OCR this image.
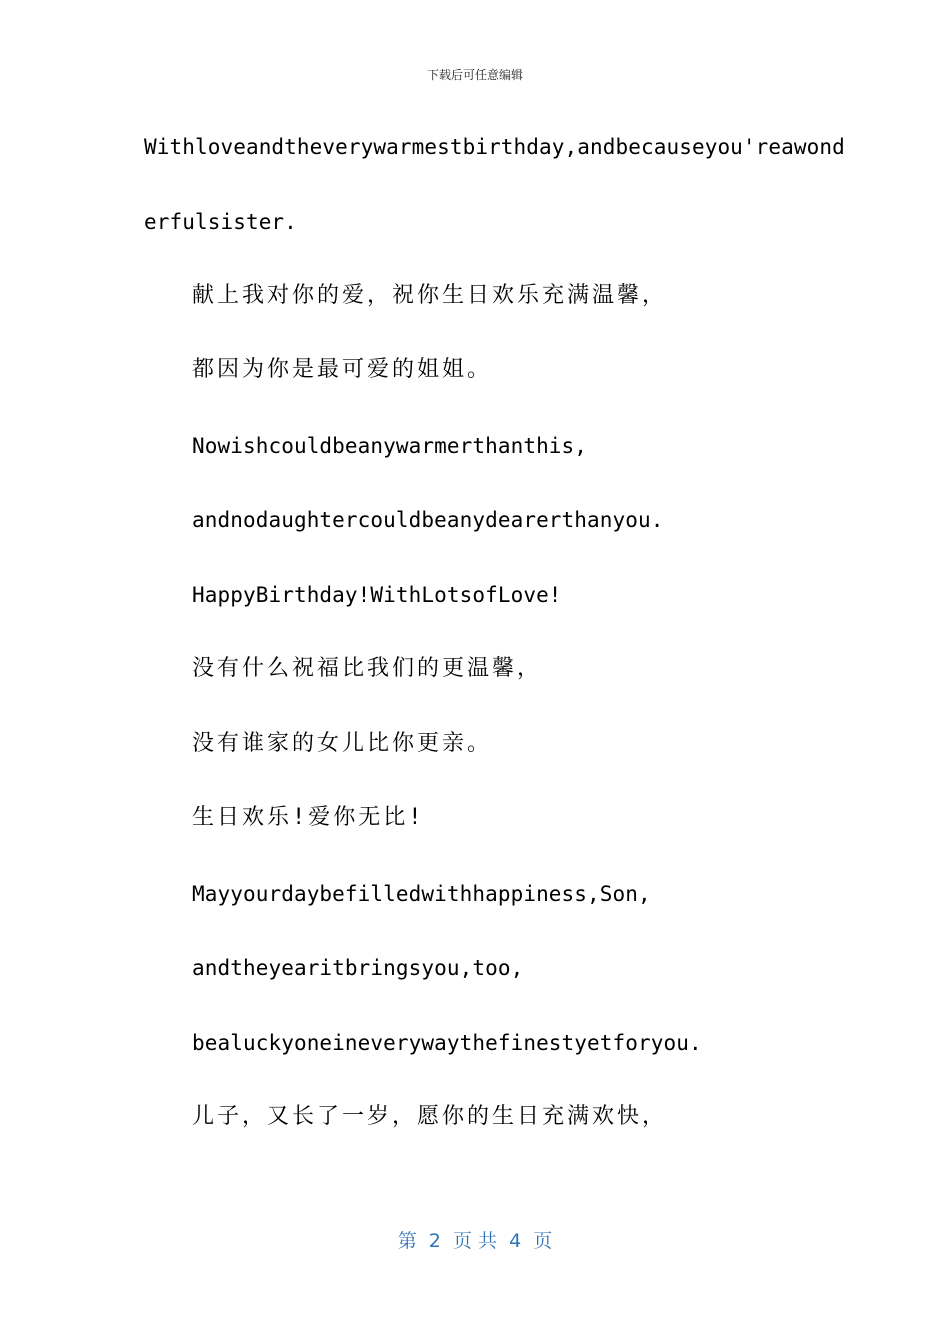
下载后可任意编辑
Withloveandtheverywarmestbirthday,andbecauseyou'reawond
erfulsister.
献上我对你的爱，祝你生日欢乐充满温馨，
都因为你是最可爱的姐姐。
Nowishcouldbeanywarmerthanthis,
andnodaughtercouldbeanydearerthanyou.
HappyBirthday!WithLotsofLove!
没有什么祝福比我们的更温馨，
没有谁家的女儿比你更亲。
生日欢乐!爱你无比!
Mayyourdaybefilledwithhappiness,Son,
andtheyearitbringsyou,too,
bealuckyoneineverywaythefinestyetforyou.
儿子，又长了一岁，愿你的生日充满欢快，
第  2  页 共  4  页
